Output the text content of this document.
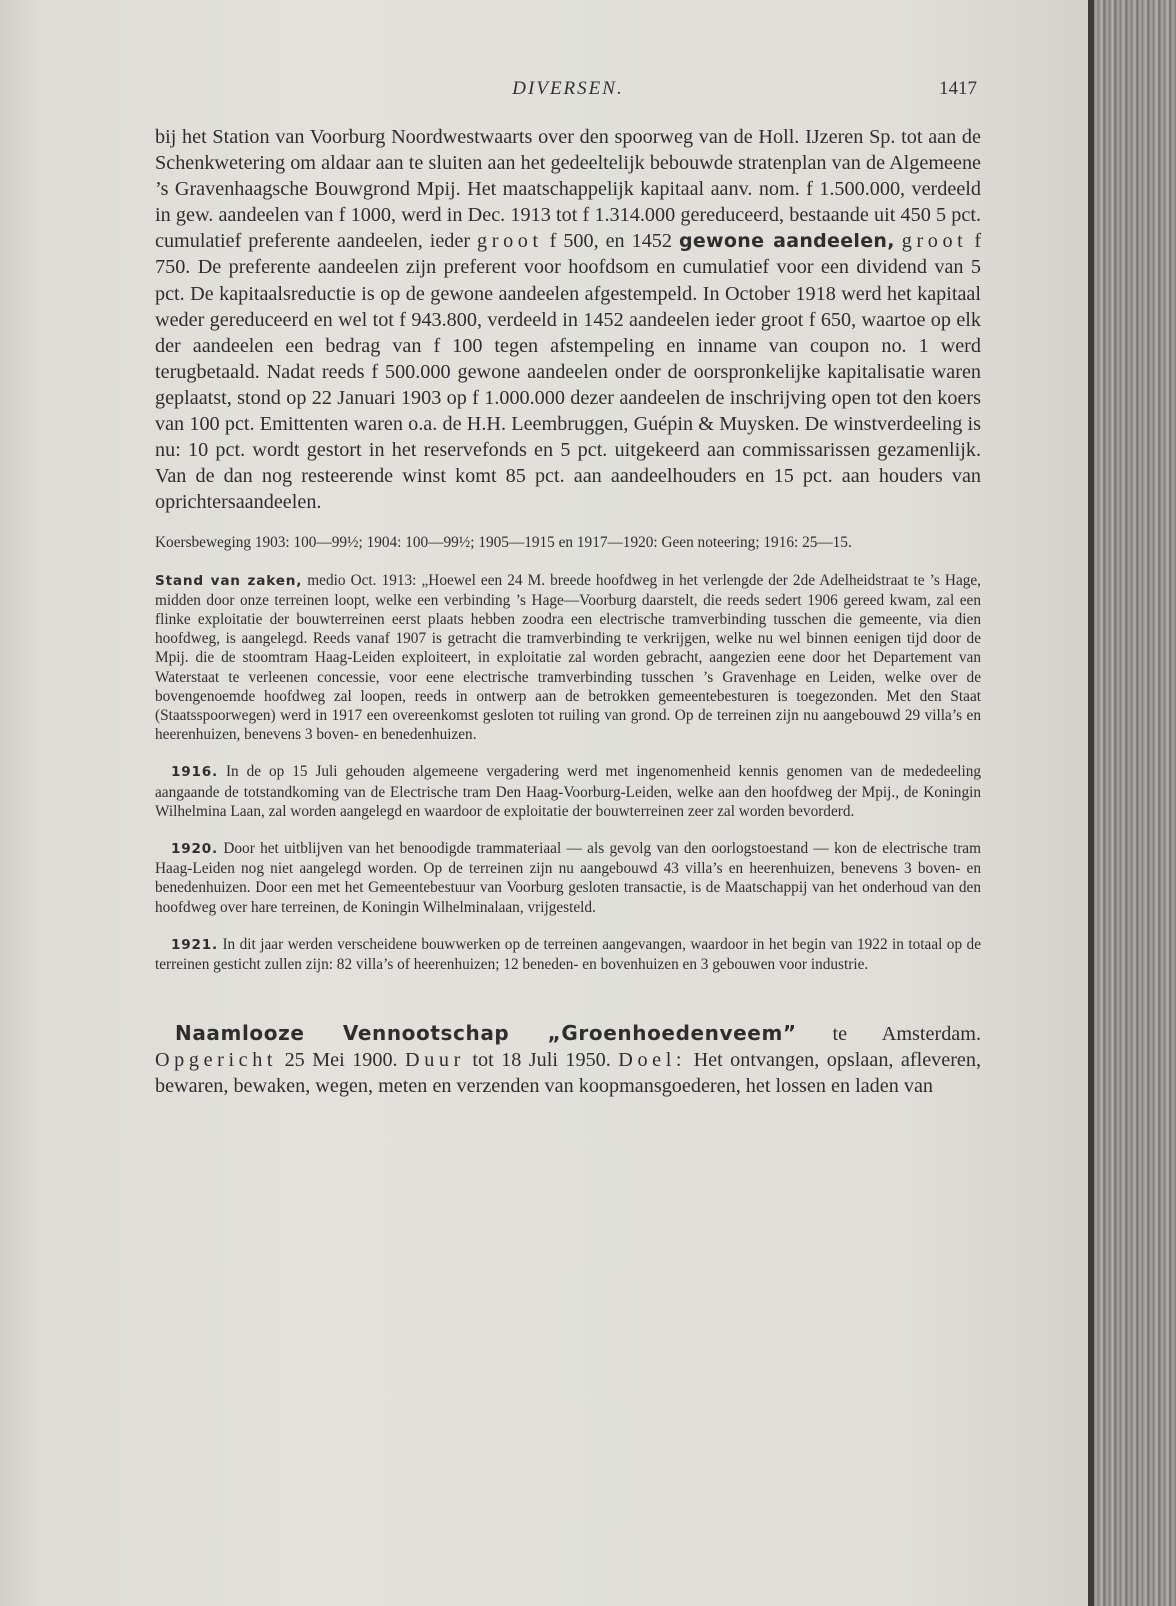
DIVERSEN.	1417

bij het Station van Voorburg Noordwestwaarts over den spoorweg van de Holl. IJzeren Sp. tot aan de Schenkwetering om aldaar aan te sluiten aan het gedeeltelijk bebouwde stratenplan van de Algemeene ’s Gravenhaagsche Bouwgrond Mpij. Het maatschappelijk kapitaal aanv. nom. f 1.500.000, verdeeld in gew. aandeelen van f 1000, werd in Dec. 1913 tot f 1.314.000 gereduceerd, bestaande uit 450 5 pct. cumulatief preferente aandeelen, ieder groot f 500, en 1452 gewone aandeelen, groot f 750. De preferente aandeelen zijn preferent voor hoofdsom en cumulatief voor een dividend van 5 pct. De kapitaalsreductie is op de gewone aandeelen afgestempeld. In October 1918 werd het kapitaal weder gereduceerd en wel tot f 943.800, verdeeld in 1452 aandeelen ieder groot f 650, waartoe op elk der aandeelen een bedrag van f 100 tegen afstempeling en inname van coupon no. 1 werd terugbetaald. Nadat reeds f 500.000 gewone aandeelen onder de oorspronkelijke kapitalisatie waren geplaatst, stond op 22 Januari 1903 op f 1.000.000 dezer aandeelen de inschrijving open tot den koers van 100 pct. Emittenten waren o.a. de H.H. Leembruggen, Guépin & Muysken. De winstverdeeling is nu: 10 pct. wordt gestort in het reservefonds en 5 pct. uitgekeerd aan commissarissen gezamenlijk. Van de dan nog resteerende winst komt 85 pct. aan aandeelhouders en 15 pct. aan houders van oprichtersaandeelen.

Koersbeweging 1903: 100—99½; 1904: 100—99½; 1905—1915 en 1917—1920: Geen noteering; 1916: 25—15.

Stand van zaken, medio Oct. 1913: „Hoewel een 24 M. breede hoofdweg in het verlengde der 2de Adelheidstraat te ’s Hage, midden door onze terreinen loopt, welke een verbinding ’s Hage—Voorburg daarstelt, die reeds sedert 1906 gereed kwam, zal een flinke exploitatie der bouwterreinen eerst plaats hebben zoodra een electrische tramverbinding tusschen die gemeente, via dien hoofdweg, is aangelegd. Reeds vanaf 1907 is getracht die tramverbinding te verkrijgen, welke nu wel binnen eenigen tijd door de Mpij. die de stoomtram Haag-Leiden exploiteert, in exploitatie zal worden gebracht, aangezien eene door het Departement van Waterstaat te verleenen concessie, voor eene electrische tramverbinding tusschen ’s Gravenhage en Leiden, welke over de bovengenoemde hoofdweg zal loopen, reeds in ontwerp aan de betrokken gemeentebesturen is toegezonden. Met den Staat (Staatsspoorwegen) werd in 1917 een overeenkomst gesloten tot ruiling van grond. Op de terreinen zijn nu aangebouwd 29 villa’s en heerenhuizen, benevens 3 boven- en benedenhuizen.

1916. In de op 15 Juli gehouden algemeene vergadering werd met ingenomenheid kennis genomen van de mededeeling aangaande de totstandkoming van de Electrische tram Den Haag-Voorburg-Leiden, welke aan den hoofdweg der Mpij., de Koningin Wilhelmina Laan, zal worden aangelegd en waardoor de exploitatie der bouwterreinen zeer zal worden bevorderd.

1920. Door het uitblijven van het benoodigde trammateriaal — als gevolg van den oorlogstoestand — kon de electrische tram Haag-Leiden nog niet aangelegd worden. Op de terreinen zijn nu aangebouwd 43 villa’s en heerenhuizen, benevens 3 boven- en benedenhuizen. Door een met het Gemeentebestuur van Voorburg gesloten transactie, is de Maatschappij van het onderhoud van den hoofdweg over hare terreinen, de Koningin Wilhelminalaan, vrijgesteld.

1921. In dit jaar werden verscheidene bouwwerken op de terreinen aangevangen, waardoor in het begin van 1922 in totaal op de terreinen gesticht zullen zijn: 82 villa’s of heerenhuizen; 12 beneden- en bovenhuizen en 3 gebouwen voor industrie.

Naamlooze Vennootschap „Groenhoedenveem” te Amsterdam. Opgericht 25 Mei 1900. Duur tot 18 Juli 1950. Doel: Het ontvangen, opslaan, afleveren, bewaren, bewaken, wegen, meten en verzenden van koopmansgoederen, het lossen en laden van
